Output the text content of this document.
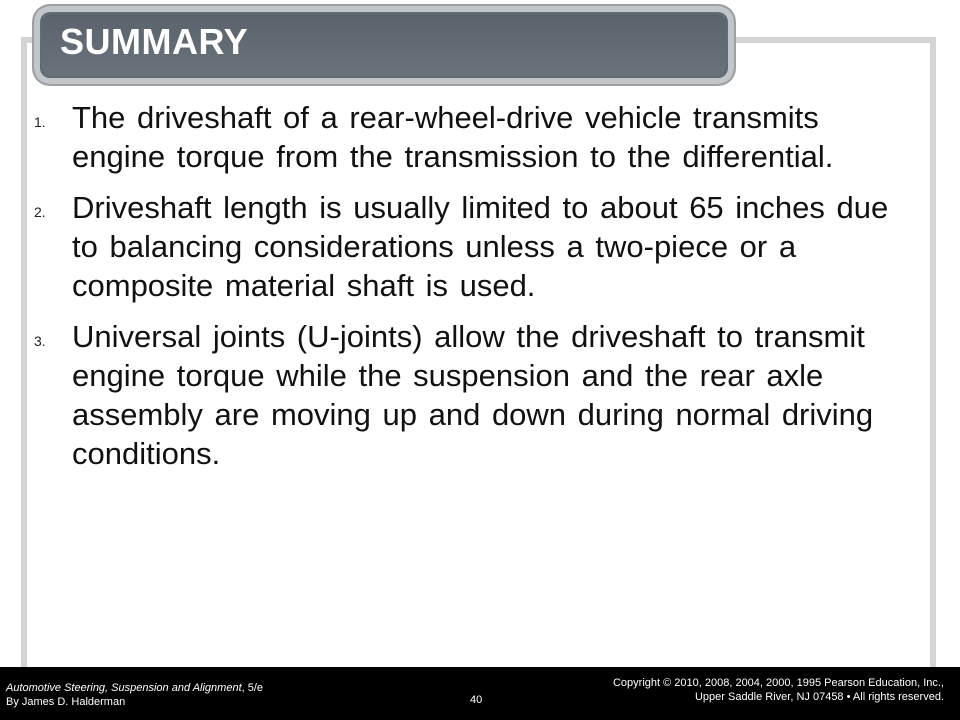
SUMMARY
1. The driveshaft of a rear-wheel-drive vehicle transmits engine torque from the transmission to the differential.
2. Driveshaft length is usually limited to about 65 inches due to balancing considerations unless a two-piece or a composite material shaft is used.
3. Universal joints (U-joints) allow the driveshaft to transmit engine torque while the suspension and the rear axle assembly are moving up and down during normal driving conditions.
Automotive Steering, Suspension and Alignment, 5/e
By James D. Halderman	40
Copyright © 2010, 2008, 2004, 2000, 1995 Pearson Education, Inc.,
Upper Saddle River, NJ 07458 • All rights reserved.
